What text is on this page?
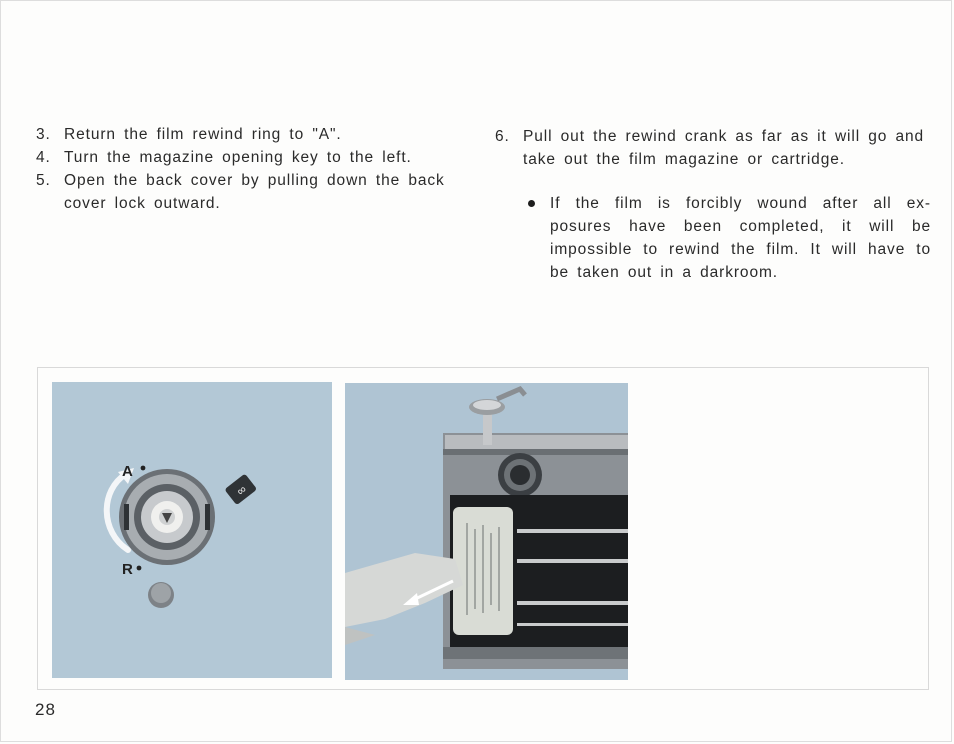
3. Return the film rewind ring to "A".
4. Turn the magazine opening key to the left.
5. Open the back cover by pulling down the back cover lock outward.
6. Pull out the rewind crank as far as it will go and take out the film magazine or cartridge.
If the film is forcibly wound after all ex- posures have been completed, it will be impossible to rewind the film. It will have to be taken out in a darkroom.
A
R
∞
28
